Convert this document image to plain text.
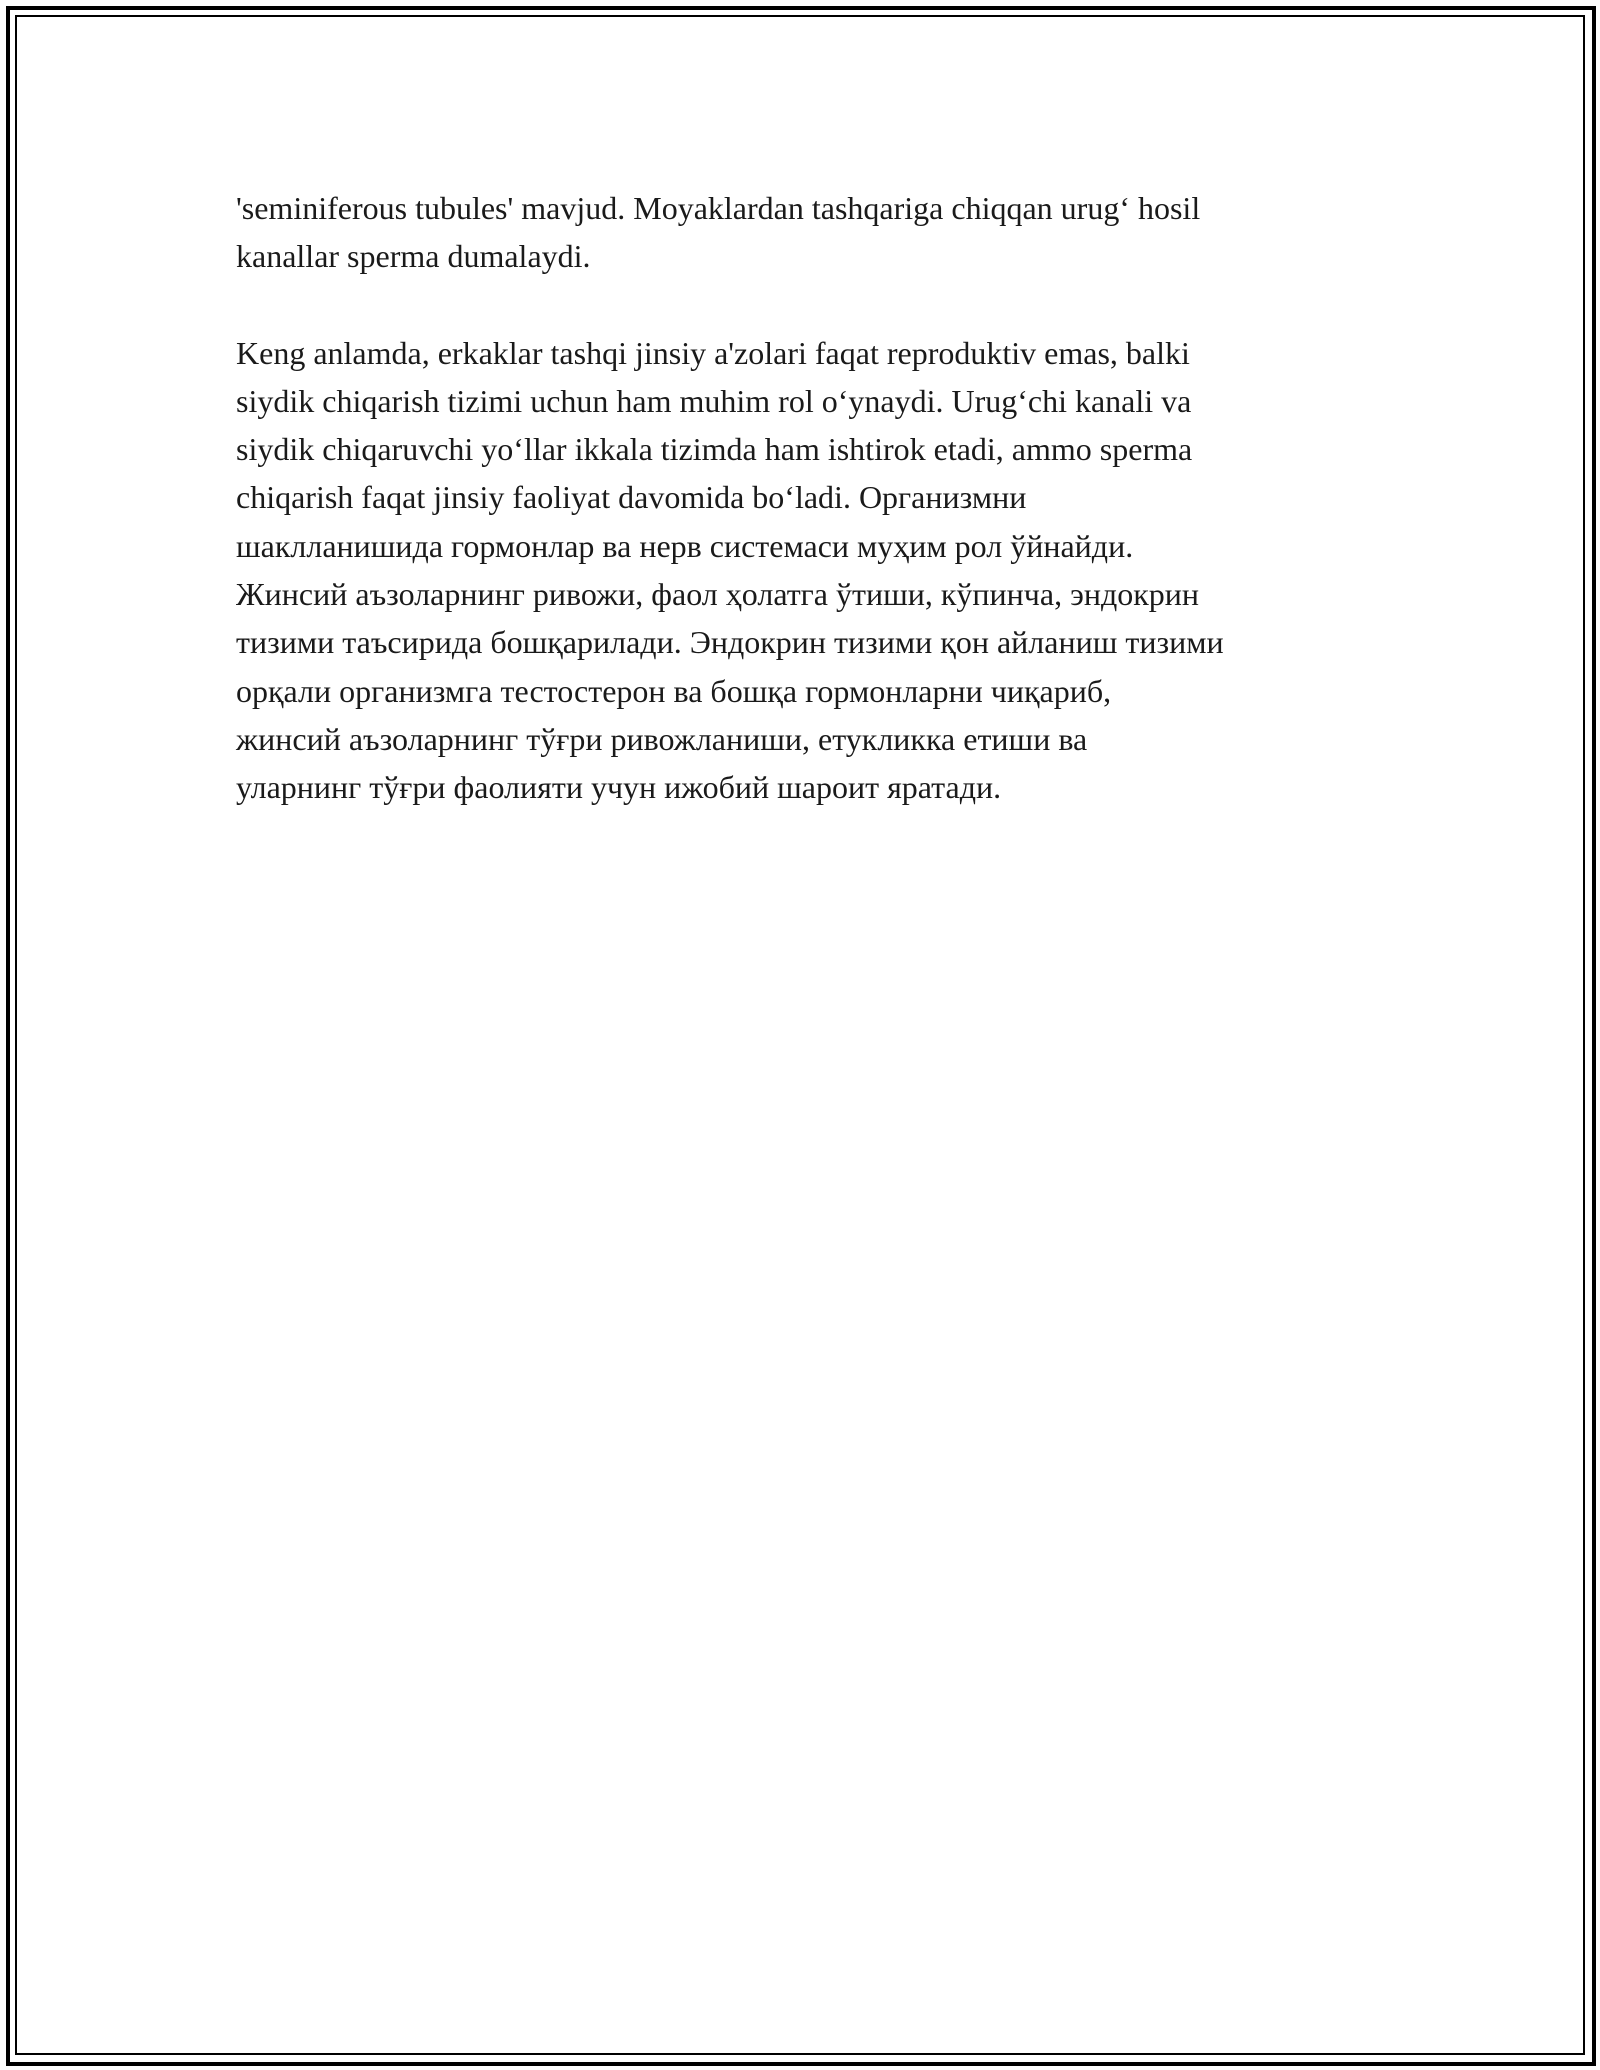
'seminiferous tubules' mavjud. Moyaklardan tashqariga chiqqan urug‘ hosil
kanallar sperma dumalaydi.

Keng anlamda, erkaklar tashqi jinsiy a'zolari faqat reproduktiv emas, balki
siydik chiqarish tizimi uchun ham muhim rol o‘ynaydi. Urug‘chi kanali va
siydik chiqaruvchi yo‘llar ikkala tizimda ham ishtirok etadi, ammo sperma
chiqarish faqat jinsiy faoliyat davomida bo‘ladi. Организмни
шаклланишида гормонлар ва нерв системаси муҳим рол ўйнайди.
Жинсий аъзоларнинг ривожи, фаол ҳолатга ўтиши, кўпинча, эндокрин
тизими таъсирида бошқарилади. Эндокрин тизими қон айланиш тизими
орқали организмга тестостерон ва бошқа гормонларни чиқариб,
жинсий аъзоларнинг тўғри ривожланиши, етукликка етиши ва
уларнинг тўғри фаолияти учун ижобий шароит яратади.
